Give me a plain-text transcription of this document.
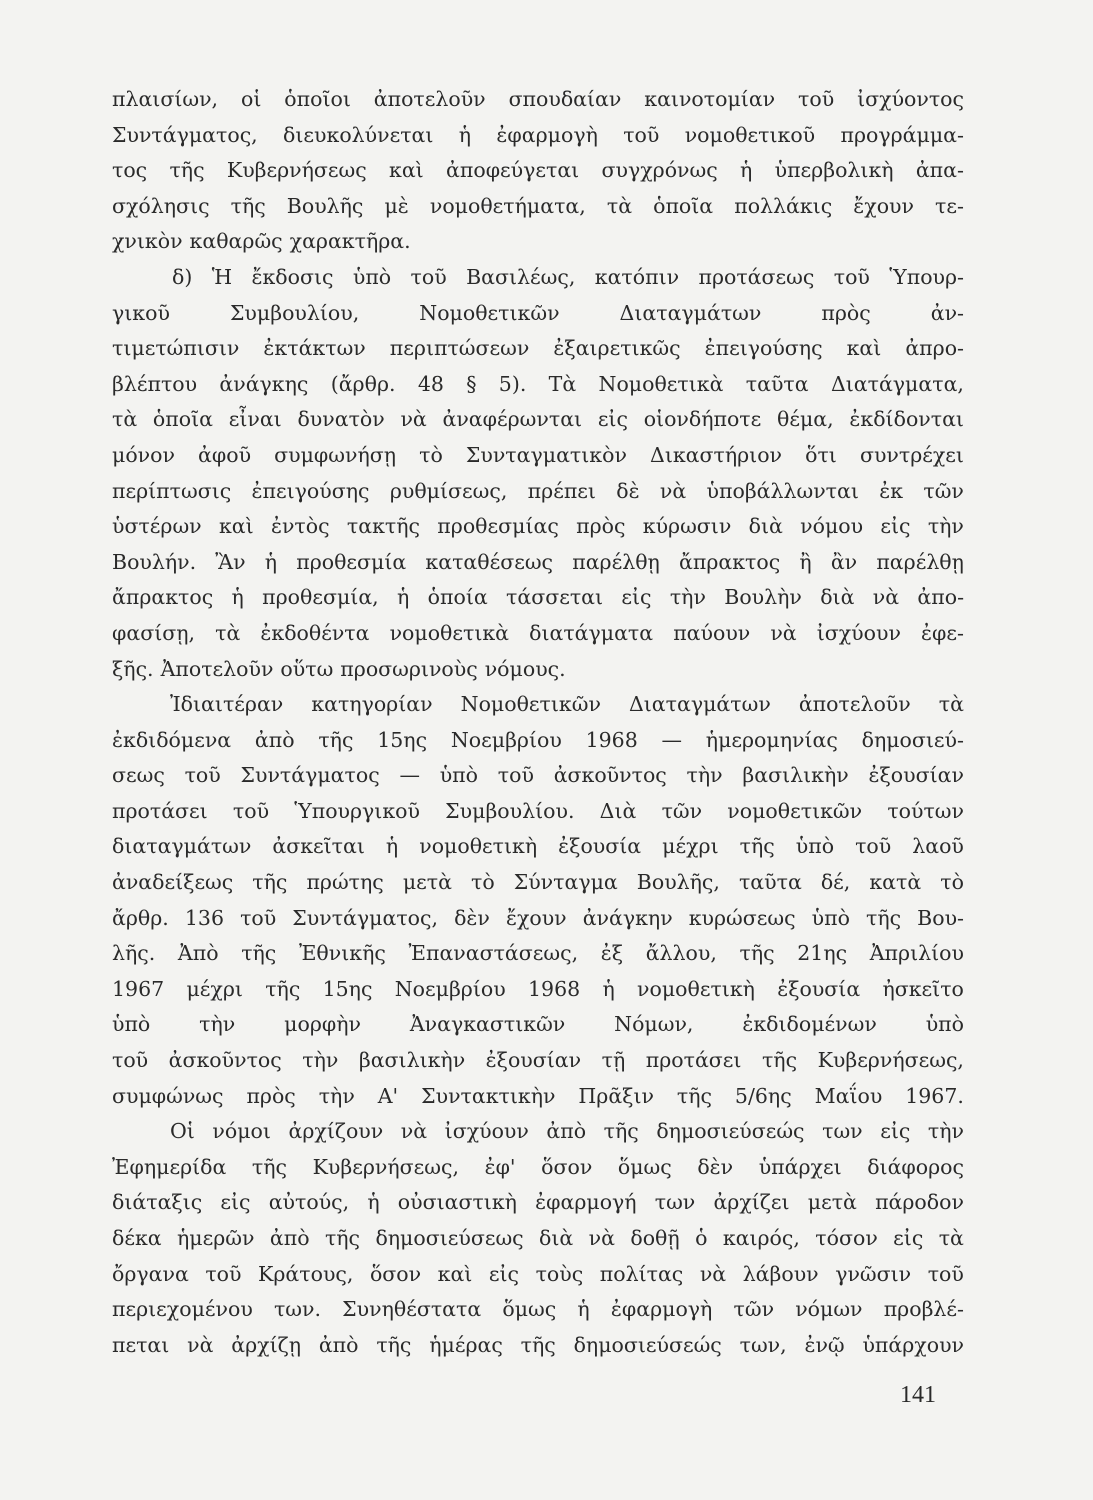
πλαισίων, οἱ ὁποῖοι ἀποτελοῦν σπουδαίαν καινοτομίαν τοῦ ἰσχύοντος
Συντάγματος, διευκολύνεται ἡ ἐφαρμογὴ τοῦ νομοθετικοῦ προγράμμα-
τος τῆς Κυβερνήσεως καὶ ἀποφεύγεται συγχρόνως ἡ ὑπερβολικὴ ἀπα-
σχόλησις τῆς Βουλῆς μὲ νομοθετήματα, τὰ ὁποῖα πολλάκις ἔχουν τε-
χνικὸν καθαρῶς χαρακτῆρα.
δ) Ἡ ἔκδοσις ὑπὸ τοῦ Βασιλέως, κατόπιν προτάσεως τοῦ Ὑπουρ-
γικοῦ	Συμβουλίου,	Νομοθετικῶν	Διαταγμάτων	πρὸς	ἀν-
τιμετώπισιν ἐκτάκτων περιπτώσεων ἐξαιρετικῶς ἐπειγούσης καὶ ἀπρο-
βλέπτου ἀνάγκης (ἄρθρ. 48 § 5). Τὰ Νομοθετικὰ ταῦτα Διατάγματα,
τὰ ὁποῖα εἶναι δυνατὸν νὰ ἀναφέρωνται εἰς οἱονδήποτε θέμα, ἐκδίδονται
μόνον ἀφοῦ συμφωνήσῃ τὸ Συνταγματικὸν Δικαστήριον ὅτι συντρέχει
περίπτωσις ἐπειγούσης ρυθμίσεως, πρέπει δὲ νὰ ὑποβάλλωνται ἐκ τῶν
ὑστέρων καὶ ἐντὸς τακτῆς προθεσμίας πρὸς κύρωσιν διὰ νόμου εἰς τὴν
Βουλήν. Ἂν ἡ προθεσμία καταθέσεως παρέλθῃ ἄπρακτος ἢ ἂν παρέλθῃ
ἄπρακτος ἡ προθεσμία, ἡ ὁποία τάσσεται εἰς τὴν Βουλὴν διὰ νὰ ἀπο-
φασίσῃ, τὰ ἐκδοθέντα νομοθετικὰ διατάγματα παύουν νὰ ἰσχύουν ἐφε-
ξῆς. Ἀποτελοῦν οὕτω προσωρινοὺς νόμους.
Ἰδιαιτέραν κατηγορίαν Νομοθετικῶν Διαταγμάτων ἀποτελοῦν τὰ
ἐκδιδόμενα ἀπὸ τῆς 15ης Νοεμβρίου 1968 — ἡμερομηνίας δημοσιεύ-
σεως τοῦ Συντάγματος — ὑπὸ τοῦ ἀσκοῦντος τὴν βασιλικὴν ἐξουσίαν
προτάσει τοῦ Ὑπουργικοῦ Συμβουλίου. Διὰ τῶν νομοθετικῶν τούτων
διαταγμάτων ἀσκεῖται ἡ νομοθετικὴ ἐξουσία μέχρι τῆς ὑπὸ τοῦ λαοῦ
ἀναδείξεως τῆς πρώτης μετὰ τὸ Σύνταγμα Βουλῆς, ταῦτα δέ, κατὰ τὸ
ἄρθρ. 136 τοῦ Συντάγματος, δὲν ἔχουν ἀνάγκην κυρώσεως ὑπὸ τῆς Βου-
λῆς. Ἀπὸ τῆς Ἐθνικῆς Ἐπαναστάσεως, ἐξ ἄλλου, τῆς 21ης Ἀπριλίου
1967 μέχρι τῆς 15ης Νοεμβρίου 1968 ἡ νομοθετικὴ ἐξουσία ἠσκεῖτο
ὑπὸ τὴν μορφὴν Ἀναγκαστικῶν Νόμων, ἐκδιδομένων ὑπὸ
τοῦ ἀσκοῦντος τὴν βασιλικὴν ἐξουσίαν τῇ προτάσει τῆς Κυβερνήσεως,
συμφώνως πρὸς τὴν Α' Συντακτικὴν Πρᾶξιν τῆς 5/6ης Μαΐου 1967.
Οἱ νόμοι ἀρχίζουν νὰ ἰσχύουν ἀπὸ τῆς δημοσιεύσεώς των εἰς τὴν
Ἐφημερίδα τῆς Κυβερνήσεως, ἐφ' ὅσον ὅμως δὲν ὑπάρχει διάφορος
διάταξις εἰς αὐτούς, ἡ οὐσιαστικὴ ἐφαρμογή των ἀρχίζει μετὰ πάροδον
δέκα ἡμερῶν ἀπὸ τῆς δημοσιεύσεως διὰ νὰ δοθῇ ὁ καιρός, τόσον εἰς τὰ
ὄργανα τοῦ Κράτους, ὅσον καὶ εἰς τοὺς πολίτας νὰ λάβουν γνῶσιν τοῦ
περιεχομένου των. Συνηθέστατα ὅμως ἡ ἐφαρμογὴ τῶν νόμων προβλέ-
πεται νὰ ἀρχίζῃ ἀπὸ τῆς ἡμέρας τῆς δημοσιεύσεώς των, ἐνῷ ὑπάρχουν
141
